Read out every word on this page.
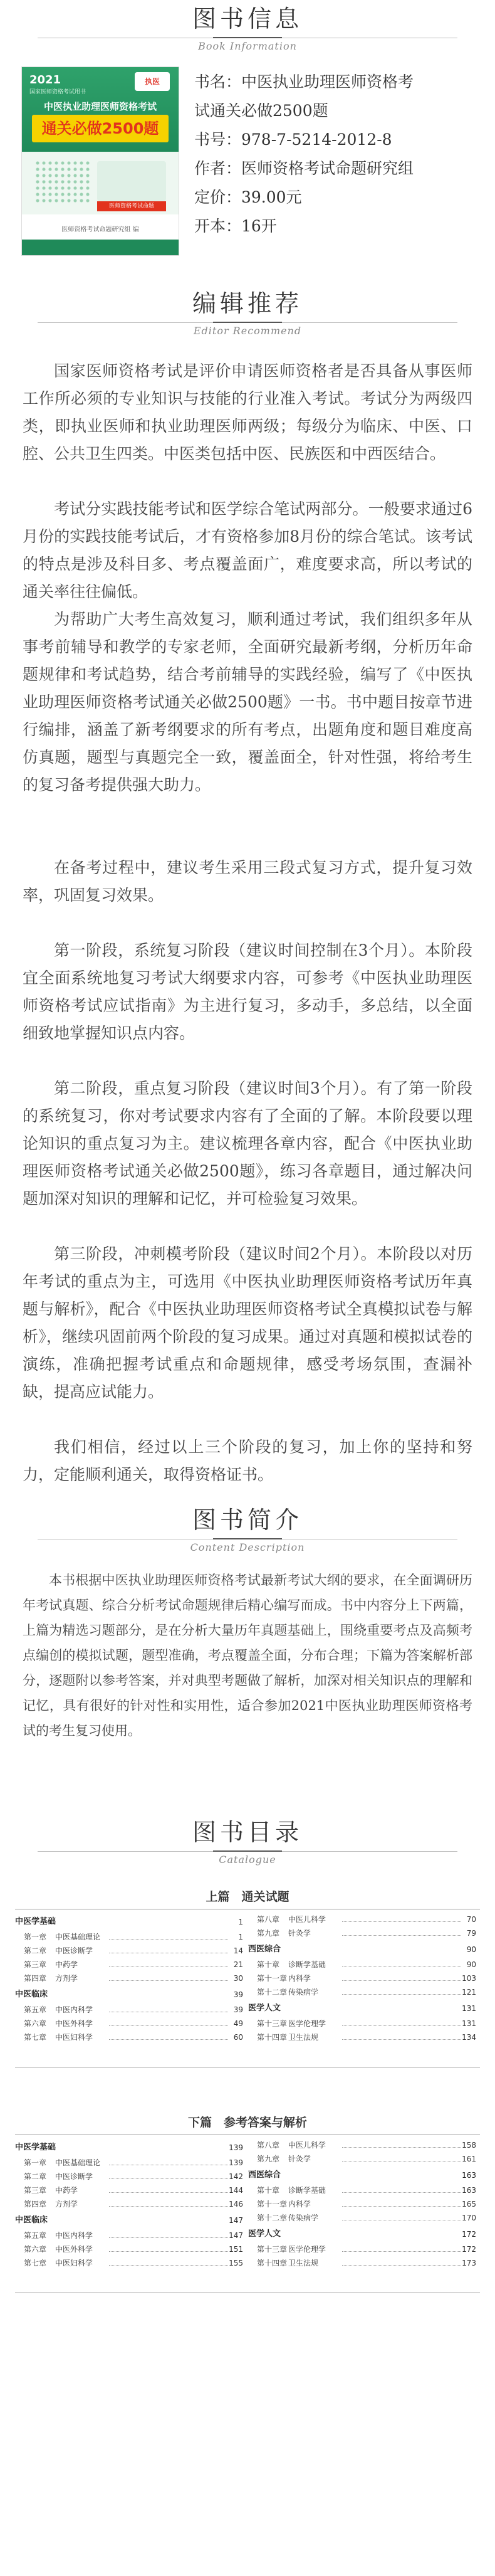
图书信息
Book Information
2021
国家医师资格考试用书
执医
中医执业助理医师资格考试
通关必做2500题
医师资格考试命题
医师资格考试命题研究组 编
书名：中医执业助理医师资格考
试通关必做2500题
书号：978-7-5214-2012-8
作者：医师资格考试命题研究组
定价：39.00元
开本：16开
编辑推荐
Editor Recommend

国家医师资格考试是评价申请医师资格者是否具备从事医师工作所必须的专业知识与技能的行业准入考试。考试分为两级四类，即执业医师和执业助理医师两级；每级分为临床、中医、口腔、公共卫生四类。中医类包括中医、民族医和中西医结合。

考试分实践技能考试和医学综合笔试两部分。一般要求通过6月份的实践技能考试后，才有资格参加8月份的综合笔试。该考试的特点是涉及科目多、考点覆盖面广，难度要求高，所以考试的通关率往往偏低。

为帮助广大考生高效复习，顺利通过考试，我们组织多年从事考前辅导和教学的专家老师，全面研究最新考纲，分析历年命题规律和考试趋势，结合考前辅导的实践经验，编写了《中医执业助理医师资格考试通关必做2500题》一书。书中题目按章节进行编排，涵盖了新考纲要求的所有考点，出题角度和题目难度高仿真题，题型与真题完全一致，覆盖面全，针对性强，将给考生的复习备考提供强大助力。

在备考过程中，建议考生采用三段式复习方式，提升复习效率，巩固复习效果。

第一阶段，系统复习阶段（建议时间控制在3个月）。本阶段宜全面系统地复习考试大纲要求内容，可参考《中医执业助理医师资格考试应试指南》为主进行复习，多动手，多总结，以全面细致地掌握知识点内容。

第二阶段，重点复习阶段（建议时间3个月）。有了第一阶段的系统复习，你对考试要求内容有了全面的了解。本阶段要以理论知识的重点复习为主。建议梳理各章内容，配合《中医执业助理医师资格考试通关必做2500题》，练习各章题目，通过解决问题加深对知识的理解和记忆，并可检验复习效果。

第三阶段，冲刺模考阶段（建议时间2个月）。本阶段以对历年考试的重点为主，可选用《中医执业助理医师资格考试历年真题与解析》，配合《中医执业助理医师资格考试全真模拟试卷与解析》，继续巩固前两个阶段的复习成果。通过对真题和模拟试卷的演练，准确把握考试重点和命题规律，感受考场氛围，查漏补缺，提高应试能力。

我们相信，经过以上三个阶段的复习，加上你的坚持和努力，定能顺利通关，取得资格证书。

图书简介
Content Description

本书根据中医执业助理医师资格考试最新考试大纲的要求，在全面调研历年考试真题、综合分析考试命题规律后精心编写而成。书中内容分上下两篇，上篇为精选习题部分，是在分析大量历年真题基础上，围绕重要考点及高频考点编创的模拟试题，题型准确，考点覆盖全面，分布合理；下篇为答案解析部分，逐题附以参考答案，并对典型考题做了解析，加深对相关知识点的理解和记忆，具有很好的针对性和实用性，适合参加2021中医执业助理医师资格考试的考生复习使用。

图书目录
Catalogue
上篇　通关试题
中医学基础	1
第一章 中医基础理论	1
第二章 中医诊断学	14
第三章 中药学	21
第四章 方剂学	30
中医临床	39
第五章 中医内科学	39
第六章 中医外科学	49
第七章 中医妇科学	60
第八章 中医儿科学	70
第九章 针灸学	79
西医综合	90
第十章 诊断学基础	90
第十一章 内科学	103
第十二章 传染病学	121
医学人文	131
第十三章 医学伦理学	131
第十四章 卫生法规	134
下篇　参考答案与解析
中医学基础	139
第一章 中医基础理论	139
第二章 中医诊断学	142
第三章 中药学	144
第四章 方剂学	146
中医临床	147
第五章 中医内科学	147
第六章 中医外科学	151
第七章 中医妇科学	155
第八章 中医儿科学	158
第九章 针灸学	161
西医综合	163
第十章 诊断学基础	163
第十一章 内科学	165
第十二章 传染病学	170
医学人文	172
第十三章 医学伦理学	172
第十四章 卫生法规	173
